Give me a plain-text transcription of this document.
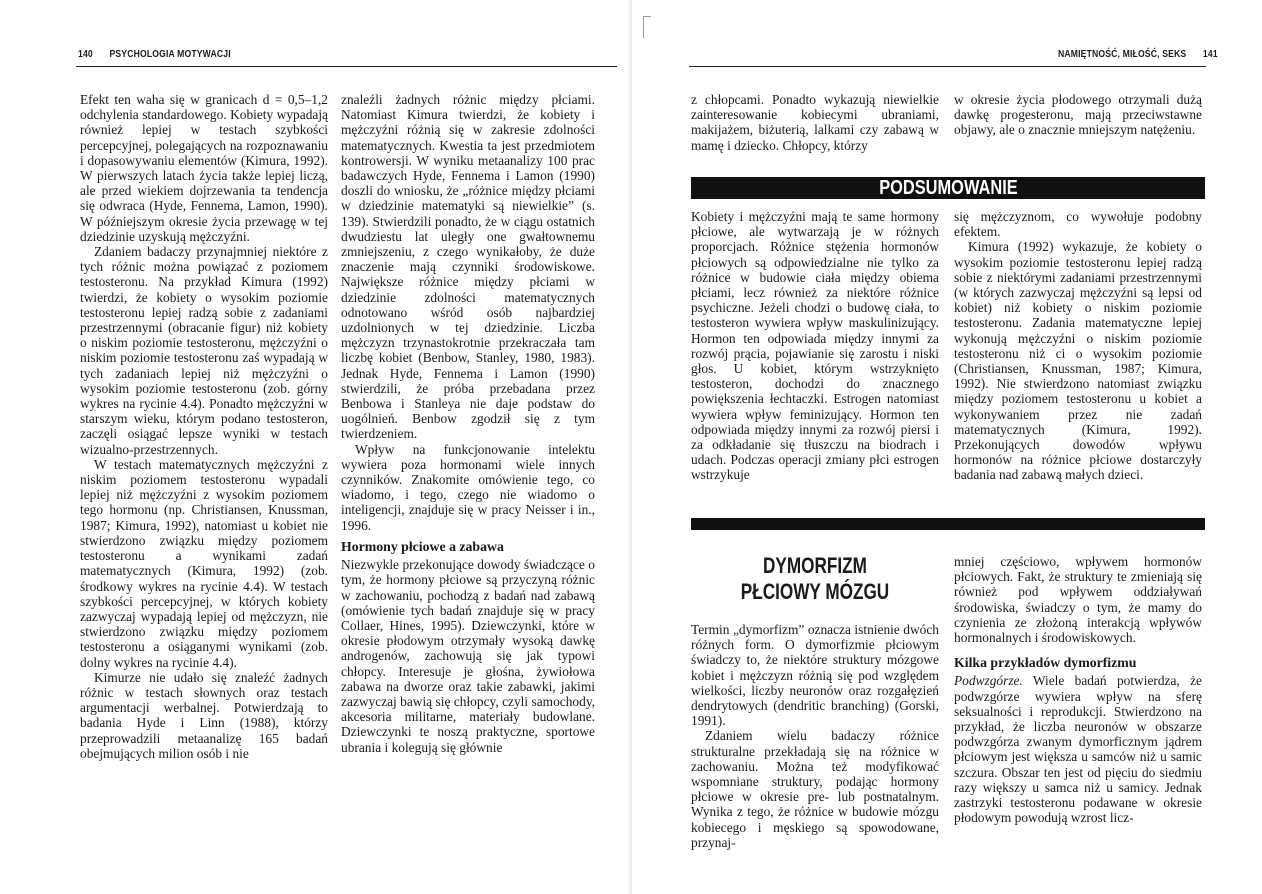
140 PSYCHOLOGIA MOTYWACJI

Efekt ten waha się w granicach d = 0,5–1,2 odchylenia standardowego. Kobiety wypadają również lepiej w testach szybkości percepcyjnej, polegających na rozpoznawaniu i dopasowywaniu elementów (Kimura, 1992). W pierwszych latach życia także lepiej liczą, ale przed wiekiem dojrzewania ta tendencja się odwraca (Hyde, Fennema, Lamon, 1990). W późniejszym okresie życia przewagę w tej dziedzinie uzyskują mężczyźni.

Zdaniem badaczy przynajmniej niektóre z tych różnic można powiązać z poziomem testosteronu. Na przykład Kimura (1992) twierdzi, że kobiety o wysokim poziomie testosteronu lepiej radzą sobie z zadaniami przestrzennymi (obracanie figur) niż kobiety o niskim poziomie testosteronu, mężczyźni o niskim poziomie testosteronu zaś wypadają w tych zadaniach lepiej niż mężczyźni o wysokim poziomie testosteronu (zob. górny wykres na rycinie 4.4). Ponadto mężczyźni w starszym wieku, którym podano testosteron, zaczęli osiągać lepsze wyniki w testach wizualno-przestrzennych.

W testach matematycznych mężczyźni z niskim poziomem testosteronu wypadali lepiej niż mężczyźni z wysokim poziomem tego hormonu (np. Christiansen, Knussman, 1987; Kimura, 1992), natomiast u kobiet nie stwierdzono związku między poziomem testosteronu a wynikami zadań matematycznych (Kimura, 1992) (zob. środkowy wykres na rycinie 4.4). W testach szybkości percepcyjnej, w których kobiety zazwyczaj wypadają lepiej od mężczyzn, nie stwierdzono związku między poziomem testosteronu a osiąganymi wynikami (zob. dolny wykres na rycinie 4.4).

Kimurze nie udało się znaleźć żadnych różnic w testach słownych oraz testach argumentacji werbalnej. Potwierdzają to badania Hyde i Linn (1988), którzy przeprowadzili metaanalizę 165 badań obejmujących milion osób i nie

znaleźli żadnych różnic między płciami. Natomiast Kimura twierdzi, że kobiety i mężczyźni różnią się w zakresie zdolności matematycznych. Kwestia ta jest przedmiotem kontrowersji. W wyniku metaanalizy 100 prac badawczych Hyde, Fennema i Lamon (1990) doszli do wniosku, że „różnice między płciami w dziedzinie matematyki są niewielkie” (s. 139). Stwierdzili ponadto, że w ciągu ostatnich dwudziestu lat uległy one gwałtownemu zmniejszeniu, z czego wynikałoby, że duże znaczenie mają czynniki środowiskowe. Największe różnice między płciami w dziedzinie zdolności matematycznych odnotowano wśród osób najbardziej uzdolnionych w tej dziedzinie. Liczba mężczyzn trzynastokrotnie przekraczała tam liczbę kobiet (Benbow, Stanley, 1980, 1983). Jednak Hyde, Fennema i Lamon (1990) stwierdzili, że próba przebadana przez Benbowa i Stanleya nie daje podstaw do uogólnień. Benbow zgodził się z tym twierdzeniem.

Wpływ na funkcjonowanie intelektu wywiera poza hormonami wiele innych czynników. Znakomite omówienie tego, co wiadomo, i tego, czego nie wiadomo o inteligencji, znajduje się w pracy Neisser i in., 1996.

Hormony płciowe a zabawa

Niezwykle przekonujące dowody świadczące o tym, że hormony płciowe są przyczyną różnic w zachowaniu, pochodzą z badań nad zabawą (omówienie tych badań znajduje się w pracy Collaer, Hines, 1995). Dziewczynki, które w okresie płodowym otrzymały wysoką dawkę androgenów, zachowują się jak typowi chłopcy. Interesuje je głośna, żywiołowa zabawa na dworze oraz takie zabawki, jakimi zazwyczaj bawią się chłopcy, czyli samochody, akcesoria militarne, materiały budowlane. Dziewczynki te noszą praktyczne, sportowe ubrania i kolegują się głównie

NAMIĘTNOŚĆ, MIŁOŚĆ, SEKS 141

z chłopcami. Ponadto wykazują niewielkie zainteresowanie kobiecymi ubraniami, makijażem, biżuterią, lalkami czy zabawą w mamę i dziecko. Chłopcy, którzy

w okresie życia płodowego otrzymali dużą dawkę progesteronu, mają przeciwstawne objawy, ale o znacznie mniejszym natężeniu.

PODSUMOWANIE

Kobiety i mężczyźni mają te same hormony płciowe, ale wytwarzają je w różnych proporcjach. Różnice stężenia hormonów płciowych są odpowiedzialne nie tylko za różnice w budowie ciała między obiema płciami, lecz również za niektóre różnice psychiczne. Jeżeli chodzi o budowę ciała, to testosteron wywiera wpływ maskulinizujący. Hormon ten odpowiada między innymi za rozwój prącia, pojawianie się zarostu i niski głos. U kobiet, którym wstrzyknięto testosteron, dochodzi do znacznego powiększenia łechtaczki. Estrogen natomiast wywiera wpływ feminizujący. Hormon ten odpowiada między innymi za rozwój piersi i za odkładanie się tłuszczu na biodrach i udach. Podczas operacji zmiany płci estrogen wstrzykuje

się mężczyznom, co wywołuje podobny efektem.

Kimura (1992) wykazuje, że kobiety o wysokim poziomie testosteronu lepiej radzą sobie z niektórymi zadaniami przestrzennymi (w których zazwyczaj mężczyźni są lepsi od kobiet) niż kobiety o niskim poziomie testosteronu. Zadania matematyczne lepiej wykonują mężczyźni o niskim poziomie testosteronu niż ci o wysokim poziomie (Christiansen, Knussman, 1987; Kimura, 1992). Nie stwierdzono natomiast związku między poziomem testosteronu u kobiet a wykonywaniem przez nie zadań matematycznych (Kimura, 1992). Przekonujących dowodów wpływu hormonów na różnice płciowe dostarczyły badania nad zabawą małych dzieci.

DYMORFIZM
PŁCIOWY MÓZGU

Termin „dymorfizm” oznacza istnienie dwóch różnych form. O dymorfizmie płciowym świadczy to, że niektóre struktury mózgowe kobiet i mężczyzn różnią się pod względem wielkości, liczby neuronów oraz rozgałęzień dendrytowych (dendritic branching) (Gorski, 1991).

Zdaniem wielu badaczy różnice strukturalne przekładają się na różnice w zachowaniu. Można też modyfikować wspomniane struktury, podając hormony płciowe w okresie pre- lub postnatalnym. Wynika z tego, że różnice w budowie mózgu kobiecego i męskiego są spowodowane, przynaj-

mniej częściowo, wpływem hormonów płciowych. Fakt, że struktury te zmieniają się również pod wpływem oddziaływań środowiska, świadczy o tym, że mamy do czynienia ze złożoną interakcją wpływów hormonalnych i środowiskowych.

Kilka przykładów dymorfizmu

Podwzgórze. Wiele badań potwierdza, że podwzgórze wywiera wpływ na sferę seksualności i reprodukcji. Stwierdzono na przykład, że liczba neuronów w obszarze podwzgórza zwanym dymorficznym jądrem płciowym jest większa u samców niż u samic szczura. Obszar ten jest od pięciu do siedmiu razy większy u samca niż u samicy. Jednak zastrzyki testosteronu podawane w okresie płodowym powodują wzrost licz-
